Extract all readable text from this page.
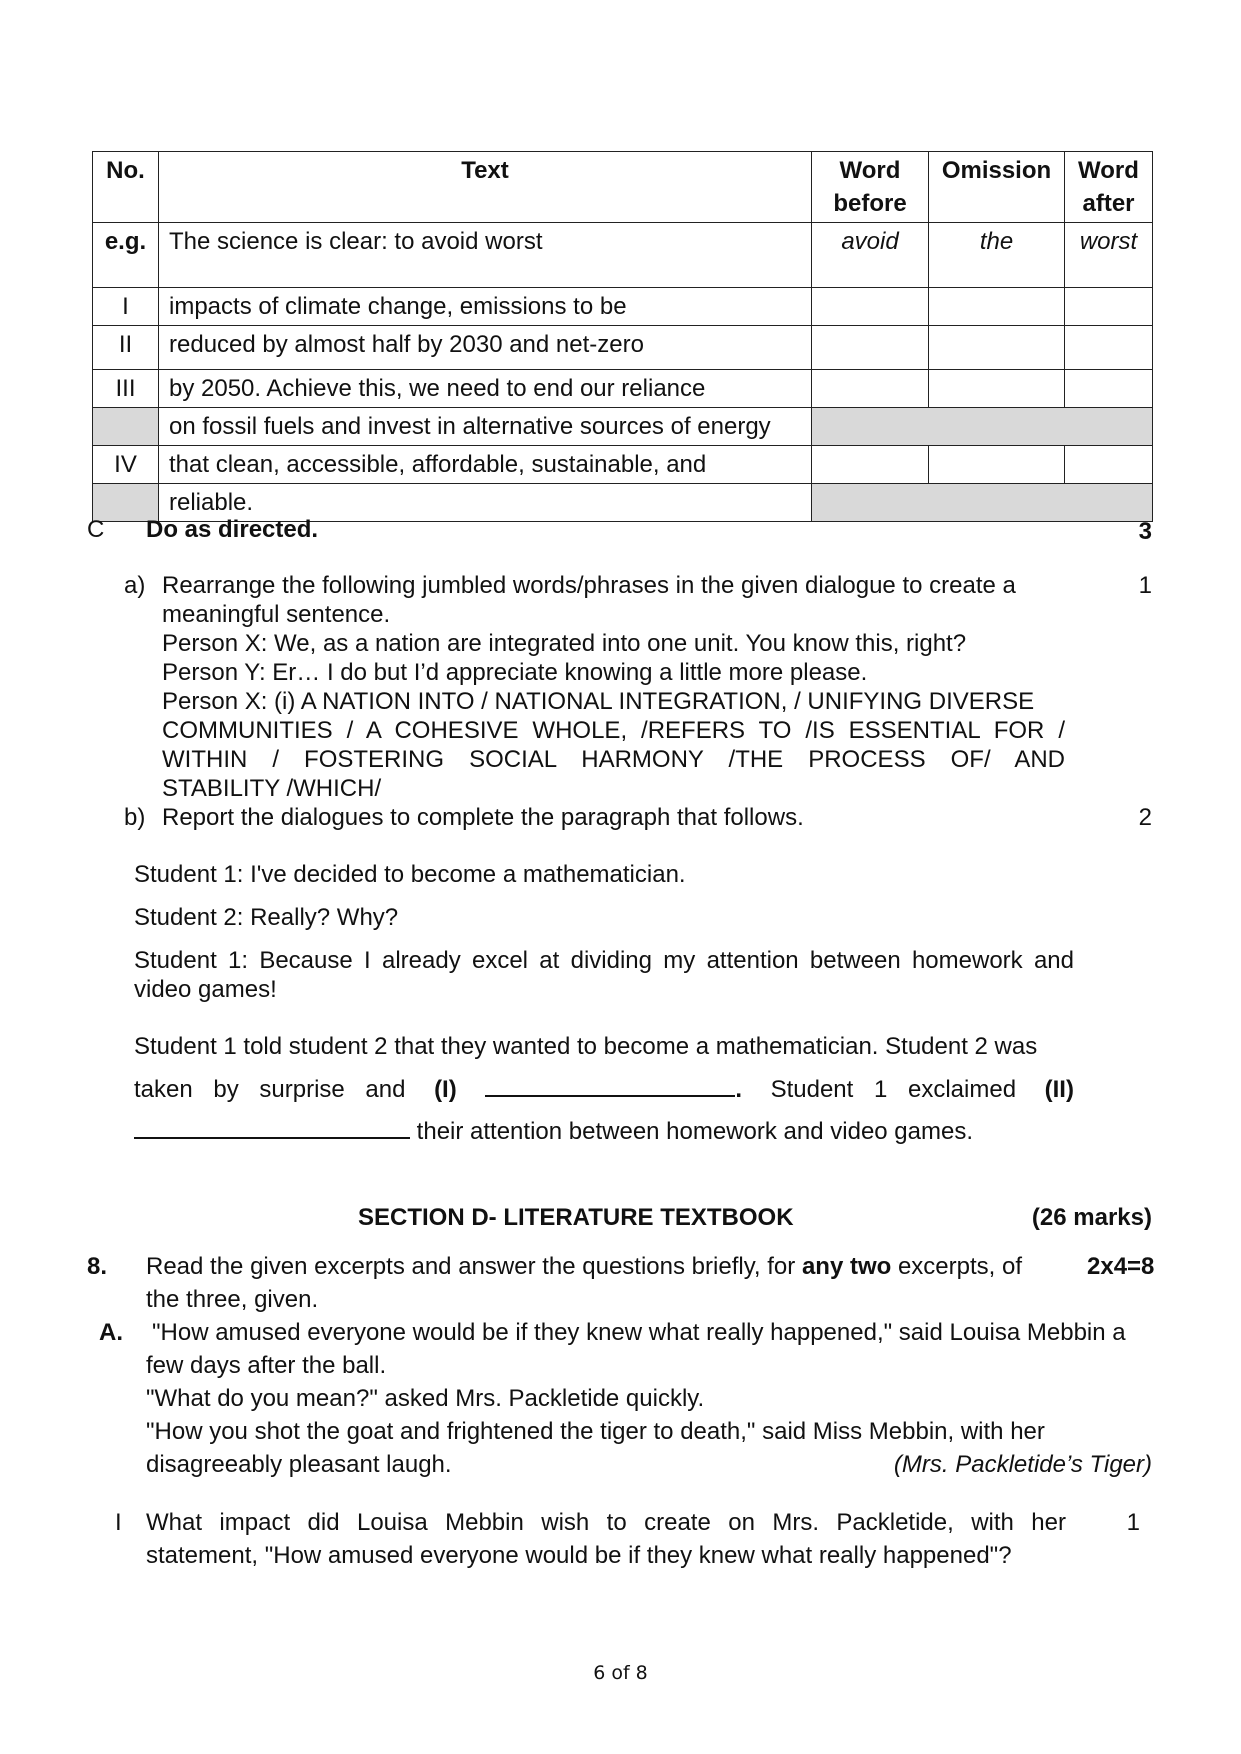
No.	Text	Word before	Omission	Word after
e.g.	The science is clear: to avoid worst	avoid	the	worst
I	impacts of climate change, emissions to be			
II	reduced by almost half by 2030 and net-zero			
III	by 2050. Achieve this, we need to end our reliance			
	on fossil fuels and invest in alternative sources of energy			
IV	that clean, accessible, affordable, sustainable, and			
	reliable.			
C Do as directed.	3
a)	1
Rearrange the following jumbled words/phrases in the given dialogue to create a
meaningful sentence.
Person X: We, as a nation are integrated into one unit. You know this, right?
Person Y: Er… I do but I’d appreciate knowing a little more please.
Person X: (i) A NATION INTO / NATIONAL INTEGRATION, / UNIFYING DIVERSE
COMMUNITIES / A COHESIVE WHOLE, /REFERS TO /IS ESSENTIAL FOR /
WITHIN / FOSTERING SOCIAL HARMONY /THE PROCESS OF/ AND
STABILITY /WHICH/
b) Report the dialogues to complete the paragraph that follows.	2
Student 1: I've decided to become a mathematician.
Student 2: Really? Why?
Student 1: Because I already excel at dividing my attention between homework and
video games!
Student 1 told student 2 that they wanted to become a mathematician. Student 2 was
taken by surprise and (I)	. Student 1 exclaimed (II)
their attention between homework and video games.
SECTION D- LITERATURE TEXTBOOK	(26 marks)
8. Read the given excerpts and answer the questions briefly, for any two excerpts, of	2x4=8
the three, given.
A. "How amused everyone would be if they knew what really happened," said Louisa Mebbin a
few days after the ball.
"What do you mean?" asked Mrs. Packletide quickly.
"How you shot the goat and frightened the tiger to death," said Miss Mebbin, with her
disagreeably pleasant laugh.	(Mrs. Packletide’s Tiger)
I What impact did Louisa Mebbin wish to create on Mrs. Packletide, with her
statement, "How amused everyone would be if they knew what really happened"?
1
6 of 8
